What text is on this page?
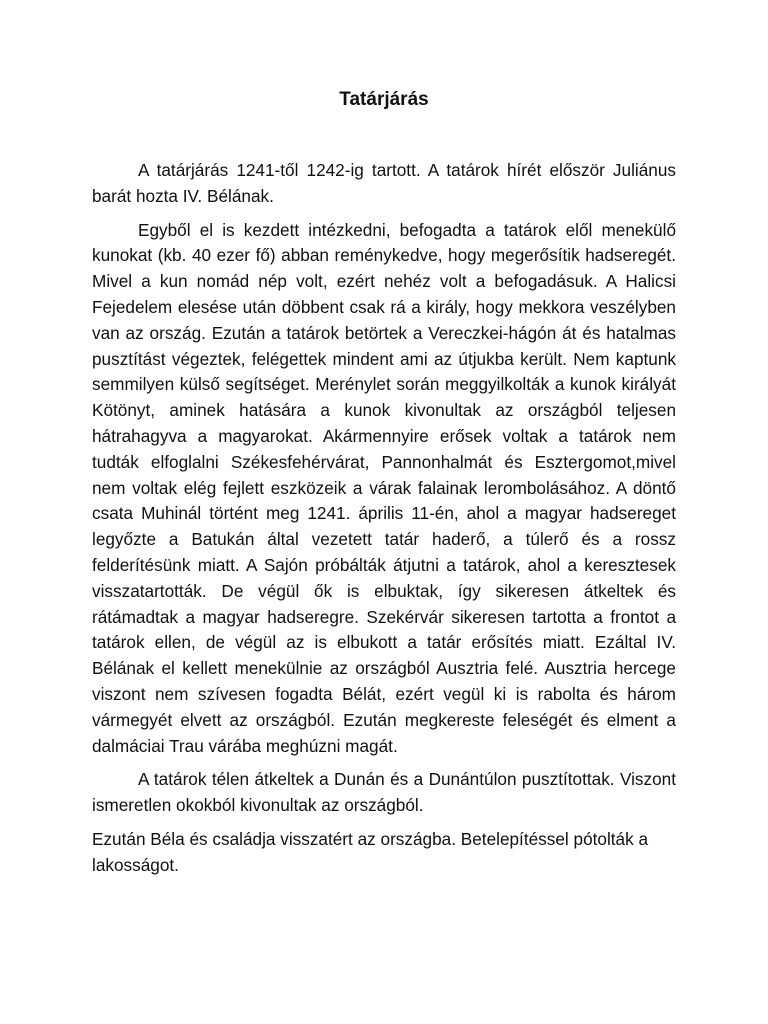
Tatárjárás

A tatárjárás 1241-től 1242-ig tartott. A tatárok hírét először Juliánus barát hozta IV. Bélának.

Egyből el is kezdett intézkedni, befogadta a tatárok elől menekülő kunokat (kb. 40 ezer fő) abban reménykedve, hogy megerősítik hadseregét. Mivel a kun nomád nép volt, ezért nehéz volt a befogadásuk. A Halicsi Fejedelem elesése után döbbent csak rá a király, hogy mekkora veszélyben van az ország. Ezután a tatárok betörtek a Vereczkei-hágón át és hatalmas pusztítást végeztek, felégettek mindent ami az útjukba került. Nem kaptunk semmilyen külső segítséget. Merénylet során meggyilkolták a kunok királyát Kötönyt, aminek hatására a kunok kivonultak az országból teljesen hátrahagyva a magyarokat. Akármennyire erősek voltak a tatárok nem tudták elfoglalni Székesfehérvárat, Pannonhalmát és Esztergomot,mivel nem voltak elég fejlett eszközeik a várak falainak lerombolásához. A döntő csata Muhinál történt meg 1241. április 11-én, ahol a magyar hadsereget legyőzte a Batukán által vezetett tatár haderő, a túlerő és a rossz felderítésünk miatt. A Sajón próbálták átjutni a tatárok, ahol a keresztesek visszatartották. De végül ők is elbuktak, így sikeresen átkeltek és rátámadtak a magyar hadseregre. Szekérvár sikeresen tartotta a frontot a tatárok ellen, de végül az is elbukott a tatár erősítés miatt. Ezáltal IV. Bélának el kellett menekülnie az országból Ausztria felé. Ausztria hercege viszont nem szívesen fogadta Bélát, ezért vegül ki is rabolta és három vármegyét elvett az országból. Ezután megkereste feleségét és elment a dalmáciai Trau várába meghúzni magát.

A tatárok télen átkeltek a Dunán és a Dunántúlon pusztítottak. Viszont ismeretlen okokból kivonultak az országból.

Ezután Béla és családja visszatért az országba. Betelepítéssel pótolták a lakosságot.
